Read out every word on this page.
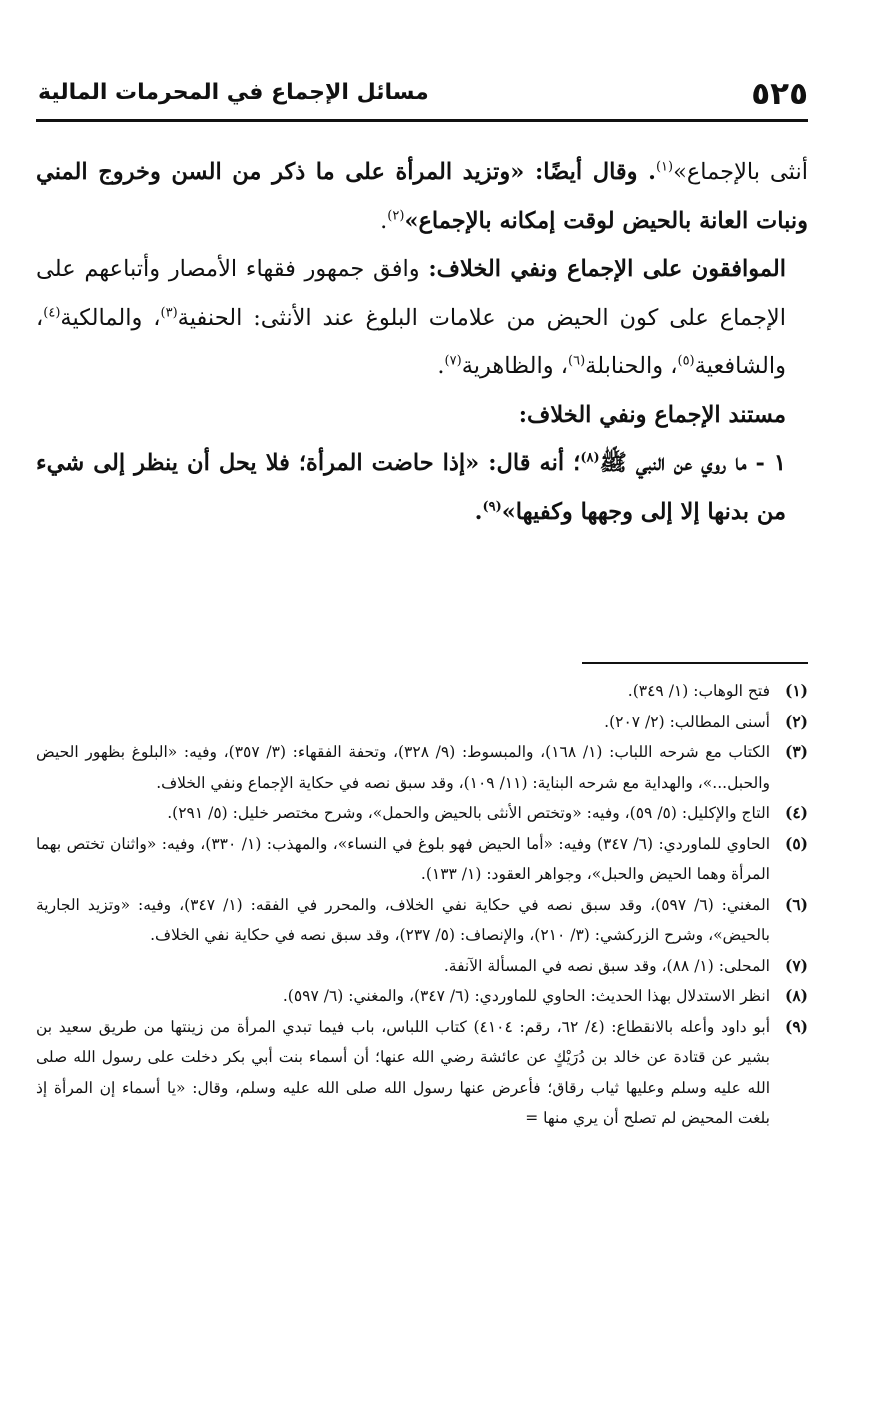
٥٢٥
مسائل الإجماع في المحرمات المالية

أنثى بالإجماع»$^{(١)}$. وقال أيضًا: «وتزيد المرأة على ما ذكر من السن وخروج المني ونبات العانة بالحيض لوقت إمكانه بالإجماع»$^{(٢)}$.

الموافقون على الإجماع ونفي الخلاف: وافق جمهور فقهاء الأمصار وأتباعهم على الإجماع على كون الحيض من علامات البلوغ عند الأنثى: الحنفية$^{(٣)}$، والمالكية$^{(٤)}$، والشافعية$^{(٥)}$، والحنابلة$^{(٦)}$، والظاهرية$^{(٧)}$.

مستند الإجماع ونفي الخلاف:

١ - ما روي عن النبي ﷺ$^{(٨)}$؛ أنه قال: «إذا حاضت المرأة؛ فلا يحل أن ينظر إلى شيء من بدنها إلا إلى وجهها وكفيها»$^{(٩)}$.

(١)
فتح الوهاب: (١/ ٣٤٩).
(٢)
أسنى المطالب: (٢/ ٢٠٧).
(٣)
الكتاب مع شرحه اللباب: (١/ ١٦٨)، والمبسوط: (٩/ ٣٢٨)، وتحفة الفقهاء: (٣/ ٣٥٧)، وفيه: «البلوغ بظهور الحيض والحبل...»، والهداية مع شرحه البناية: (١١/ ١٠٩)، وقد سبق نصه في حكاية الإجماع ونفي الخلاف.
(٤)
التاج والإكليل: (٥/ ٥٩)، وفيه: «وتختص الأنثى بالحيض والحمل»، وشرح مختصر خليل: (٥/ ٢٩١).
(٥)
الحاوي للماوردي: (٦/ ٣٤٧) وفيه: «أما الحيض فهو بلوغ في النساء»، والمهذب: (١/ ٣٣٠)، وفيه: «واثنان تختص بهما المرأة وهما الحيض والحبل»، وجواهر العقود: (١/ ١٣٣).
(٦)
المغني: (٦/ ٥٩٧)، وقد سبق نصه في حكاية نفي الخلاف، والمحرر في الفقه: (١/ ٣٤٧)، وفيه: «وتزيد الجارية بالحيض»، وشرح الزركشي: (٣/ ٢١٠)، والإنصاف: (٥/ ٢٣٧)، وقد سبق نصه في حكاية نفي الخلاف.
(٧)
المحلى: (١/ ٨٨)، وقد سبق نصه في المسألة الآنفة.
(٨)
انظر الاستدلال بهذا الحديث: الحاوي للماوردي: (٦/ ٣٤٧)، والمغني: (٦/ ٥٩٧).
(٩)
أبو داود وأعله بالانقطاع: (٤/ ٦٢، رقم: ٤١٠٤) كتاب اللباس، باب فيما تبدي المرأة من زينتها من طريق سعيد بن بشير عن قتادة عن خالد بن دُرَيْكٍ عن عائشة رضي الله عنها؛ أن أسماء بنت أبي بكر دخلت على رسول الله صلى الله عليه وسلم وعليها ثياب رقاق؛ فأعرض عنها رسول الله صلى الله عليه وسلم، وقال: «يا أسماء إن المرأة إذ بلغت المحيض لم تصلح أن يري منها =
